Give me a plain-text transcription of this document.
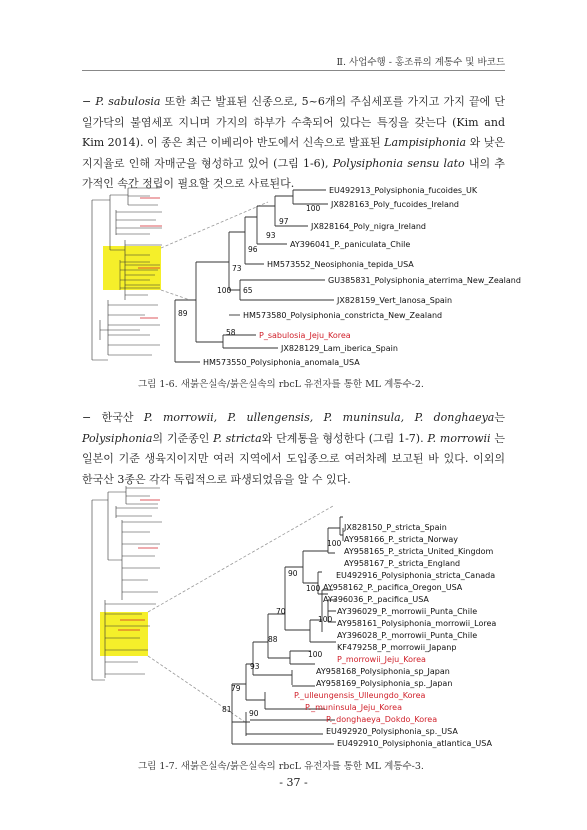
Ⅱ. 사업수행 - 홍조류의 계통수 및 바코드
− P. sabulosia 또한 최근 발표된 신종으로, 5~6개의 주심세포를 가지고 가지 끝에 단일가닥의 불염세포 지니며 가지의 하부가 수축되어 있다는 특징을 갖는다 (Kim and Kim 2014). 이 종은 최근 이베리아 반도에서 신속으로 발표된 Lampisiphonia 와 낮은 지지율로 인해 자매군을 형성하고 있어 (그림 1-6), Polysiphonia sensu lato 내의 추가적인 속간 정립이 필요할 것으로 사료된다.
EU492913_Polysiphonia_fucoides_UK
JX828163_Poly_fucoides_Ireland
JX828164_Poly_nigra_Ireland
AY396041_P._paniculata_Chile
HM573552_Neosiphonia_tepida_USA
GU385831_Polysiphonia_aterrima_New_Zealand
JX828159_Vert_lanosa_Spain
HM573580_Polysiphonia_constricta_New_Zealand
P_sabulosia_Jeju_Korea
JX828129_Lam_iberica_Spain
HM573550_Polysiphonia_anomala_USA
100
97
93
96
73
100 65
89
58
그림 1-6. 새붉은실속/붉은실속의 rbcL 유전자를 통한 ML 계통수-2.
− 한국산 P. morrowii, P. ullengensis, P. muninsula, P. donghaeya는 Polysiphonia의 기준종인 P. stricta와 단계통을 형성한다 (그림 1-7). P. morrowii 는 일본이 기준 생육지이지만 여러 지역에서 도입종으로 여러차례 보고된 바 있다. 이외의 한국산 3종은 각각 독립적으로 파생되었음을 알 수 있다.
JX828150_P_stricta_Spain
AY958166_P._stricta_Norway
AY958165_P._stricta_United_Kingdom
AY958167_P._stricta_England
EU492916_Polysiphonia_stricta_Canada
AY958162_P._pacifica_Oregon_USA
AY396036_P._pacifica_USA
AY396029_P._morrowii_Punta_Chile
AY958161_Polysiphonia_morrowii_Lorea
AY396028_P._morrowii_Punta_Chile
KF479258_P_morrowii_Japanp
P_morrowii_Jeju_Korea
AY958168_Polysiphonia_sp_Japan
AY958169_Polysiphonia_sp._Japan
P._ulleungensis_Ulleungdo_Korea
P._muninsula_Jeju_Korea
P._donghaeya_Dokdo_Korea
EU492920_Polysiphonia_sp._USA
EU492910_Polysiphonia_atlantica_USA
100
90
100
70
100
88
100
93
79
81 90
그림 1-7. 새붉은실속/붉은실속의 rbcL 유전자를 통한 ML 계통수-3.
- 37 -
